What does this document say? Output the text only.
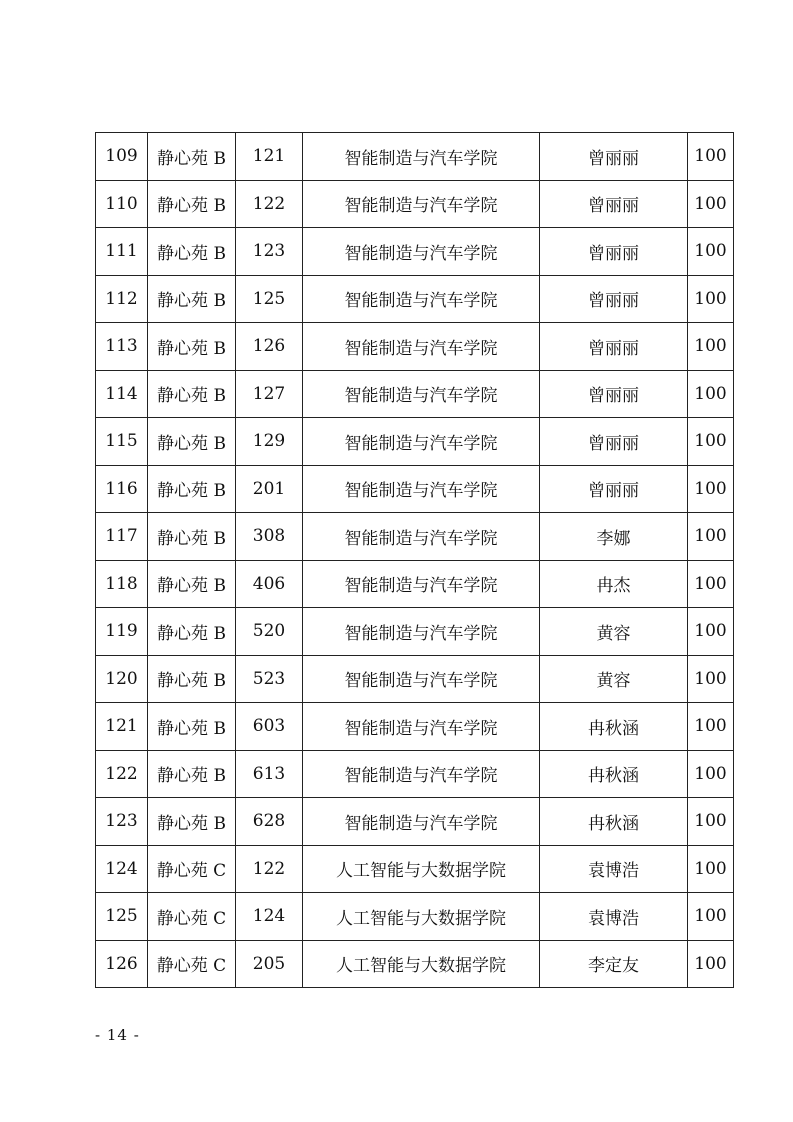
109	静心苑 B	121	智能制造与汽车学院	曾丽丽	100
110	静心苑 B	122	智能制造与汽车学院	曾丽丽	100
111	静心苑 B	123	智能制造与汽车学院	曾丽丽	100
112	静心苑 B	125	智能制造与汽车学院	曾丽丽	100
113	静心苑 B	126	智能制造与汽车学院	曾丽丽	100
114	静心苑 B	127	智能制造与汽车学院	曾丽丽	100
115	静心苑 B	129	智能制造与汽车学院	曾丽丽	100
116	静心苑 B	201	智能制造与汽车学院	曾丽丽	100
117	静心苑 B	308	智能制造与汽车学院	李娜	100
118	静心苑 B	406	智能制造与汽车学院	冉杰	100
119	静心苑 B	520	智能制造与汽车学院	黄容	100
120	静心苑 B	523	智能制造与汽车学院	黄容	100
121	静心苑 B	603	智能制造与汽车学院	冉秋涵	100
122	静心苑 B	613	智能制造与汽车学院	冉秋涵	100
123	静心苑 B	628	智能制造与汽车学院	冉秋涵	100
124	静心苑 C	122	人工智能与大数据学院	袁博浩	100
125	静心苑 C	124	人工智能与大数据学院	袁博浩	100
126	静心苑 C	205	人工智能与大数据学院	李定友	100
- 14 -
